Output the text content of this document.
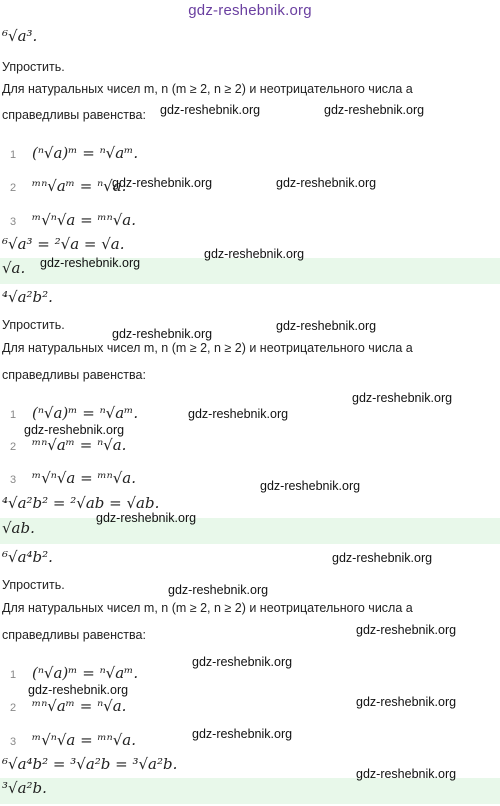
gdz-reshebnik.org
⁶√a³.
Упростить.
Для натуральных чисел m, n (m ≥ 2, n ≥ 2) и неотрицательного числа a
справедливы равенства:
1 (ⁿ√a)ᵐ = ⁿ√aᵐ.
2 ᵐⁿ√aᵐ = ⁿ√a.
3 ᵐ√ⁿ√a = ᵐⁿ√a.
⁶√a³ = ²√a = √a.
√a.
⁴√a²b².
Упростить.
Для натуральных чисел m, n (m ≥ 2, n ≥ 2) и неотрицательного числа a
справедливы равенства:
1 (ⁿ√a)ᵐ = ⁿ√aᵐ.
2 ᵐⁿ√aᵐ = ⁿ√a.
3 ᵐ√ⁿ√a = ᵐⁿ√a.
⁴√a²b² = ²√ab = √ab.
√ab.
⁶√a⁴b².
Упростить.
Для натуральных чисел m, n (m ≥ 2, n ≥ 2) и неотрицательного числа a
справедливы равенства:
1 (ⁿ√a)ᵐ = ⁿ√aᵐ.
2 ᵐⁿ√aᵐ = ⁿ√a.
3 ᵐ√ⁿ√a = ᵐⁿ√a.
⁶√a⁴b² = ³√a²b = ³√a²b.
³√a²b.
gdz-reshebnik.org	gdz-reshebnik.org
gdz-reshebnik.org	gdz-reshebnik.org
gdz-reshebnik.org
gdz-reshebnik.org
gdz-reshebnik.org
gdz-reshebnik.org
gdz-reshebnik.org
gdz-reshebnik.org
gdz-reshebnik.org
gdz-reshebnik.org
gdz-reshebnik.org
gdz-reshebnik.org
gdz-reshebnik.org
gdz-reshebnik.org
gdz-reshebnik.org
gdz-reshebnik.org
gdz-reshebnik.org
gdz-reshebnik.org
gdz-reshebnik.org
